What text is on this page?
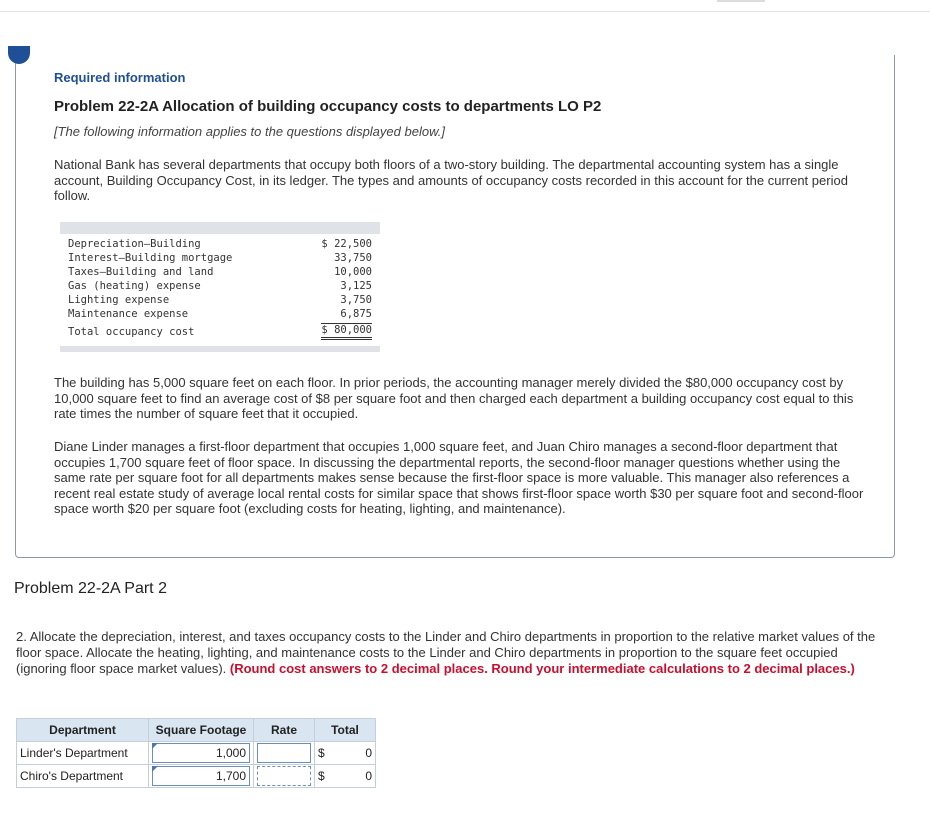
Required information
Problem 22-2A Allocation of building occupancy costs to departments LO P2
[The following information applies to the questions displayed below.]
National Bank has several departments that occupy both floors of a two-story building. The departmental accounting system has a single account, Building Occupancy Cost, in its ledger. The types and amounts of occupancy costs recorded in this account for the current period follow.
Depreciation—Building	$ 22,500
Interest—Building mortgage	33,750
Taxes—Building and land	10,000
Gas (heating) expense	3,125
Lighting expense	3,750
Maintenance expense	6,875
Total occupancy cost	$ 80,000
The building has 5,000 square feet on each floor. In prior periods, the accounting manager merely divided the $80,000 occupancy cost by 10,000 square feet to find an average cost of $8 per square foot and then charged each department a building occupancy cost equal to this rate times the number of square feet that it occupied.
Diane Linder manages a first-floor department that occupies 1,000 square feet, and Juan Chiro manages a second-floor department that occupies 1,700 square feet of floor space. In discussing the departmental reports, the second-floor manager questions whether using the same rate per square foot for all departments makes sense because the first-floor space is more valuable. This manager also references a recent real estate study of average local rental costs for similar space that shows first-floor space worth $30 per square foot and second-floor space worth $20 per square foot (excluding costs for heating, lighting, and maintenance).
Problem 22-2A Part 2
2. Allocate the depreciation, interest, and taxes occupancy costs to the Linder and Chiro departments in proportion to the relative market values of the floor space. Allocate the heating, lighting, and maintenance costs to the Linder and Chiro departments in proportion to the square feet occupied (ignoring floor space market values). (Round cost answers to 2 decimal places. Round your intermediate calculations to 2 decimal places.)
Department	Square Footage	Rate	Total
Linder's Department	1,000		$ 0

Chiro's Department	1,700		$ 0
